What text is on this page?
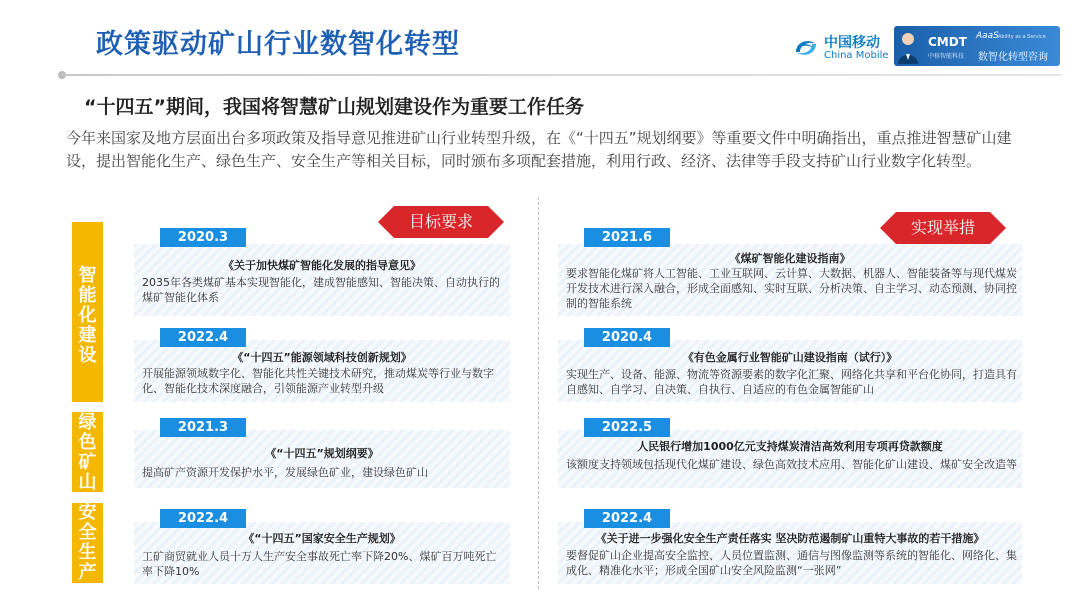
政策驱动矿山行业数智化转型	中国移动
China Mobile
CMDT
中移智能科技
AaaS Ability as a Service
数智化转型咨询
“十四五”期间，我国将智慧矿山规划建设作为重要工作任务
今年来国家及地方层面出台多项政策及指导意见推进矿山行业转型升级，在《“十四五”规划纲要》等重要文件中明确指出，重点推进智慧矿山建设，提出智能化生产、绿色生产、安全生产等相关目标，同时颁布多项配套措施，利用行政、经济、法律等手段支持矿山行业数字化转型。
目标要求	实现举措
智能化建设
绿色矿山
安全生产
2020.3
《关于加快煤矿智能化发展的指导意见》
2035年各类煤矿基本实现智能化，建成智能感知、智能决策、自动执行的煤矿智能化体系
2022.4
《“十四五”能源领域科技创新规划》
开展能源领域数字化、智能化共性关键技术研究，推动煤炭等行业与数字化、智能化技术深度融合，引领能源产业转型升级
2021.3
《“十四五”规划纲要》
提高矿产资源开发保护水平，发展绿色矿业，建设绿色矿山
2022.4
《“十四五”国家安全生产规划》
工矿商贸就业人员十万人生产安全事故死亡率下降20%、煤矿百万吨死亡率下降10%
2021.6
《煤矿智能化建设指南》
要求智能化煤矿将人工智能、工业互联网、云计算、大数据、机器人、智能装备等与现代煤炭开发技术进行深入融合，形成全面感知、实时互联、分析决策、自主学习、动态预测、协同控制的智能系统
2020.4
《有色金属行业智能矿山建设指南（试行）》
实现生产、设备、能源、物流等资源要素的数字化汇聚、网络化共享和平台化协同，打造具有自感知、自学习、自决策、自执行、自适应的有色金属智能矿山
2022.5
人民银行增加1000亿元支持煤炭清洁高效利用专项再贷款额度
该额度支持领域包括现代化煤矿建设、绿色高效技术应用、智能化矿山建设、煤矿安全改造等
2022.4
《关于进一步强化安全生产责任落实 坚决防范遏制矿山重特大事故的若干措施》
要督促矿山企业提高安全监控、人员位置监测、通信与图像监测等系统的智能化、网络化、集成化、精准化水平；形成全国矿山安全风险监测“一张网”
